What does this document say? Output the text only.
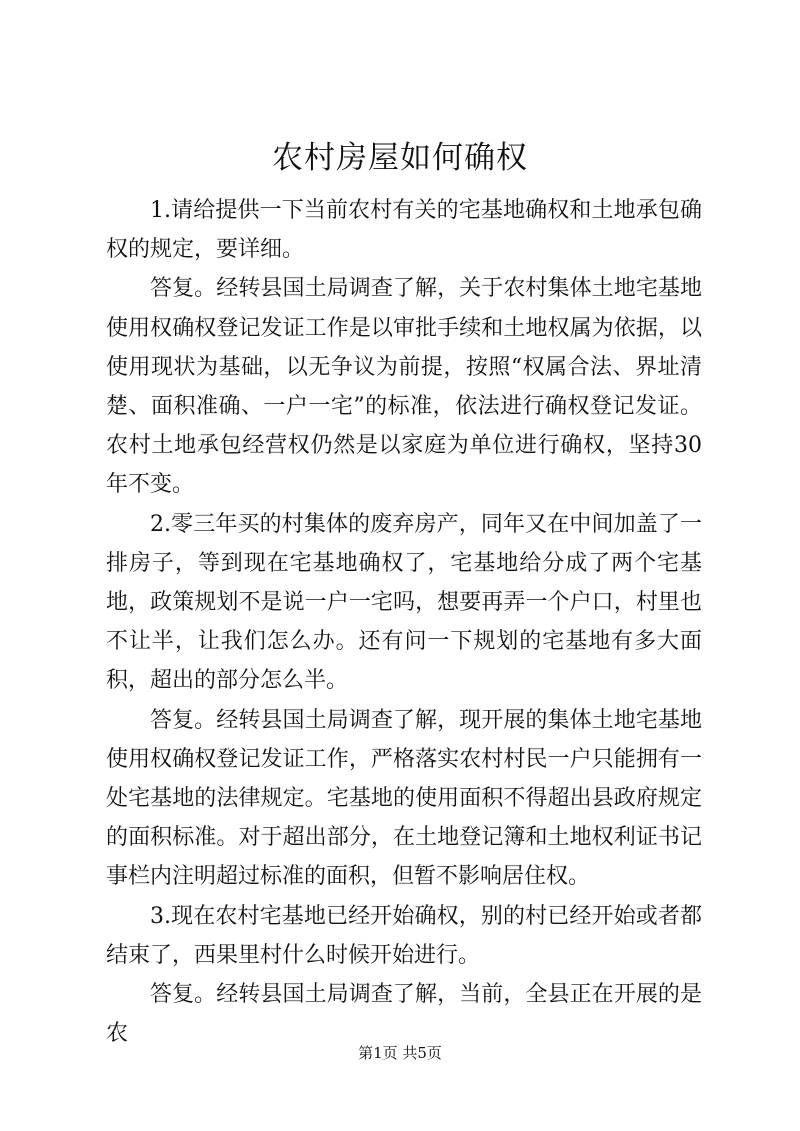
农村房屋如何确权

1.请给提供一下当前农村有关的宅基地确权和土地承包确权的规定，要详细。

答复。经转县国土局调查了解，关于农村集体土地宅基地使用权确权登记发证工作是以审批手续和土地权属为依据，以使用现状为基础，以无争议为前提，按照“权属合法、界址清楚、面积准确、一户一宅”的标准，依法进行确权登记发证。农村土地承包经营权仍然是以家庭为单位进行确权，坚持30年不变。

2.零三年买的村集体的废弃房产，同年又在中间加盖了一排房子，等到现在宅基地确权了，宅基地给分成了两个宅基地，政策规划不是说一户一宅吗，想要再弄一个户口，村里也不让半，让我们怎么办。还有问一下规划的宅基地有多大面积，超出的部分怎么半。

答复。经转县国土局调查了解，现开展的集体土地宅基地使用权确权登记发证工作，严格落实农村村民一户只能拥有一处宅基地的法律规定。宅基地的使用面积不得超出县政府规定的面积标准。对于超出部分，在土地登记簿和土地权利证书记事栏内注明超过标准的面积，但暂不影响居住权。

3.现在农村宅基地已经开始确权，别的村已经开始或者都结束了，西果里村什么时候开始进行。

答复。经转县国土局调查了解，当前，全县正在开展的是农

第1页 共5页
